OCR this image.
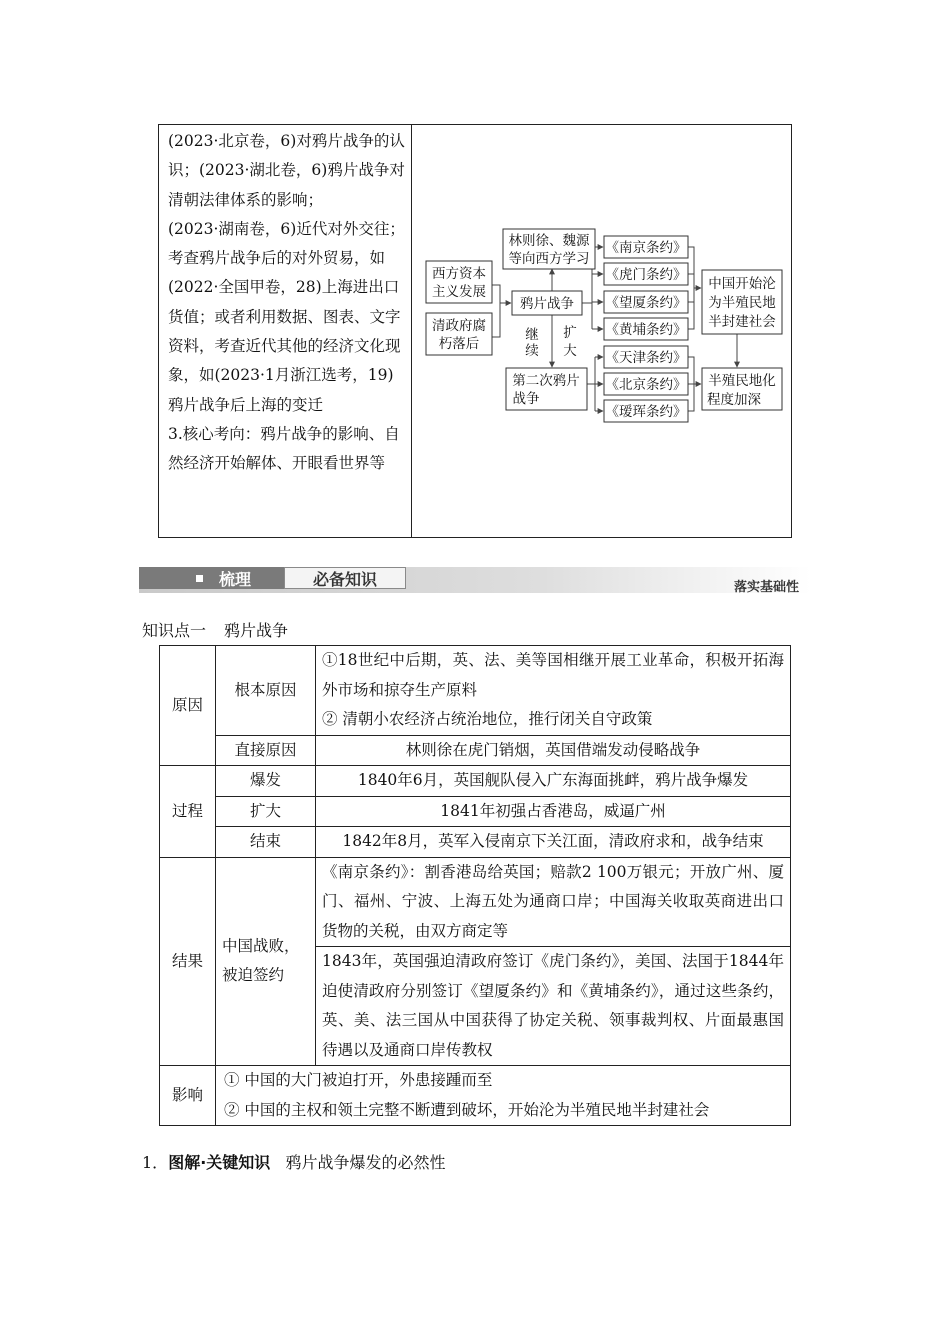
(2023·北京卷，6)对鸦片战争的认识；(2023·湖北卷，6)鸦片战争对清朝法律体系的影响；

(2023·湖南卷，6)近代对外交往；考查鸦片战争后的对外贸易，如(2022·全国甲卷，28)上海进出口货值；或者利用数据、图表、文字资料，考查近代其他的经济文化现象，如(2023·1月浙江选考，19)鸦片战争后上海的变迁

3.核心考向：鸦片战争的影响、自然经济开始解体、开眼看世界等

西方资本
主义发展
清政府腐
朽落后
林则徐、魏源
等向西方学习
鸦片战争
继
续
扩
大
第二次鸦片
战争
《南京条约》
《虎门条约》
《望厦条约》
《黄埔条约》
《天津条约》
《北京条约》
《瑷珲条约》
中国开始沦
为半殖民地
半封建社会
半殖民地化
程度加深
梳理	必备知识	落实基础性
知识点一 鸦片战争
原因	根本原因	①18世纪中后期，英、法、美等国相继开展工业革命，积极开拓海外市场和掠夺生产原料
② 清朝小农经济占统治地位，推行闭关自守政策

	直接原因	林则徐在虎门销烟，英国借端发动侵略战争
过程	爆发	1840年6月，英国舰队侵入广东海面挑衅，鸦片战争爆发
	扩大	1841年初强占香港岛，威逼广州
	结束	1842年8月，英军入侵南京下关江面，清政府求和，战争结束
结果	中国战败，被迫签约	《南京条约》：割香港岛给英国；赔款2 100万银元；开放广州、厦门、福州、宁波、上海五处为通商口岸；中国海关收取英商进出口货物的关税，由双方商定等
		1843年，英国强迫清政府签订《虎门条约》，美国、法国于1844年迫使清政府分别签订《望厦条约》和《黄埔条约》，通过这些条约，英、美、法三国从中国获得了协定关税、领事裁判权、片面最惠国待遇以及通商口岸传教权
影响	① 中国的大门被迫打开，外患接踵而至
② 中国的主权和领土完整不断遭到破坏，开始沦为半殖民地半封建社会	
1．图解·关键知识 鸦片战争爆发的必然性
